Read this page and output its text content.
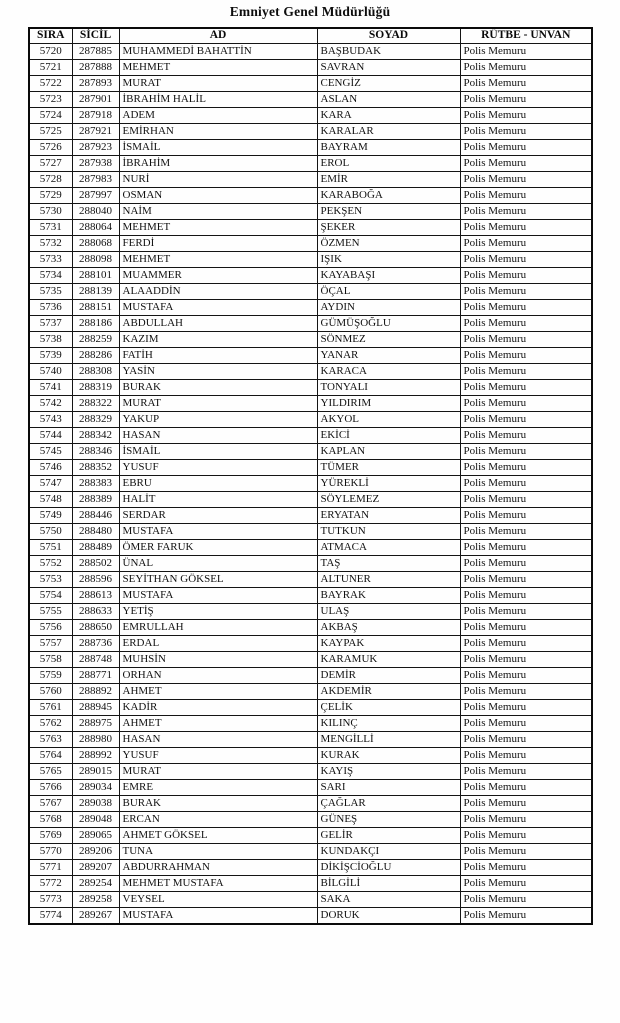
Emniyet Genel Müdürlüğü
SIRA	SİCİL	AD	SOYAD	RÜTBE - UNVAN
5720	287885	MUHAMMEDİ BAHATTİN	BAŞBUDAK	Polis Memuru
5721	287888	MEHMET	SAVRAN	Polis Memuru
5722	287893	MURAT	CENGİZ	Polis Memuru
5723	287901	İBRAHİM HALİL	ASLAN	Polis Memuru
5724	287918	ADEM	KARA	Polis Memuru
5725	287921	EMİRHAN	KARALAR	Polis Memuru
5726	287923	İSMAİL	BAYRAM	Polis Memuru
5727	287938	İBRAHİM	EROL	Polis Memuru
5728	287983	NURİ	EMİR	Polis Memuru
5729	287997	OSMAN	KARABOĞA	Polis Memuru
5730	288040	NAİM	PEKŞEN	Polis Memuru
5731	288064	MEHMET	ŞEKER	Polis Memuru
5732	288068	FERDİ	ÖZMEN	Polis Memuru
5733	288098	MEHMET	IŞIK	Polis Memuru
5734	288101	MUAMMER	KAYABAŞI	Polis Memuru
5735	288139	ALAADDİN	ÖÇAL	Polis Memuru
5736	288151	MUSTAFA	AYDIN	Polis Memuru
5737	288186	ABDULLAH	GÜMÜŞOĞLU	Polis Memuru
5738	288259	KAZIM	SÖNMEZ	Polis Memuru
5739	288286	FATİH	YANAR	Polis Memuru
5740	288308	YASİN	KARACA	Polis Memuru
5741	288319	BURAK	TONYALI	Polis Memuru
5742	288322	MURAT	YILDIRIM	Polis Memuru
5743	288329	YAKUP	AKYOL	Polis Memuru
5744	288342	HASAN	EKİCİ	Polis Memuru
5745	288346	İSMAİL	KAPLAN	Polis Memuru
5746	288352	YUSUF	TÜMER	Polis Memuru
5747	288383	EBRU	YÜREKLİ	Polis Memuru
5748	288389	HALİT	SÖYLEMEZ	Polis Memuru
5749	288446	SERDAR	ERYATAN	Polis Memuru
5750	288480	MUSTAFA	TUTKUN	Polis Memuru
5751	288489	ÖMER FARUK	ATMACA	Polis Memuru
5752	288502	ÜNAL	TAŞ	Polis Memuru
5753	288596	SEYİTHAN GÖKSEL	ALTUNER	Polis Memuru
5754	288613	MUSTAFA	BAYRAK	Polis Memuru
5755	288633	YETİŞ	ULAŞ	Polis Memuru
5756	288650	EMRULLAH	AKBAŞ	Polis Memuru
5757	288736	ERDAL	KAYPAK	Polis Memuru
5758	288748	MUHSİN	KARAMUK	Polis Memuru
5759	288771	ORHAN	DEMİR	Polis Memuru
5760	288892	AHMET	AKDEMİR	Polis Memuru
5761	288945	KADİR	ÇELİK	Polis Memuru
5762	288975	AHMET	KILINÇ	Polis Memuru
5763	288980	HASAN	MENGİLLİ	Polis Memuru
5764	288992	YUSUF	KURAK	Polis Memuru
5765	289015	MURAT	KAYIŞ	Polis Memuru
5766	289034	EMRE	SARI	Polis Memuru
5767	289038	BURAK	ÇAĞLAR	Polis Memuru
5768	289048	ERCAN	GÜNEŞ	Polis Memuru
5769	289065	AHMET GÖKSEL	GELİR	Polis Memuru
5770	289206	TUNA	KUNDAKÇI	Polis Memuru
5771	289207	ABDURRAHMAN	DİKİŞCİOĞLU	Polis Memuru
5772	289254	MEHMET MUSTAFA	BİLGİLİ	Polis Memuru
5773	289258	VEYSEL	SAKA	Polis Memuru
5774	289267	MUSTAFA	DORUK	Polis Memuru
